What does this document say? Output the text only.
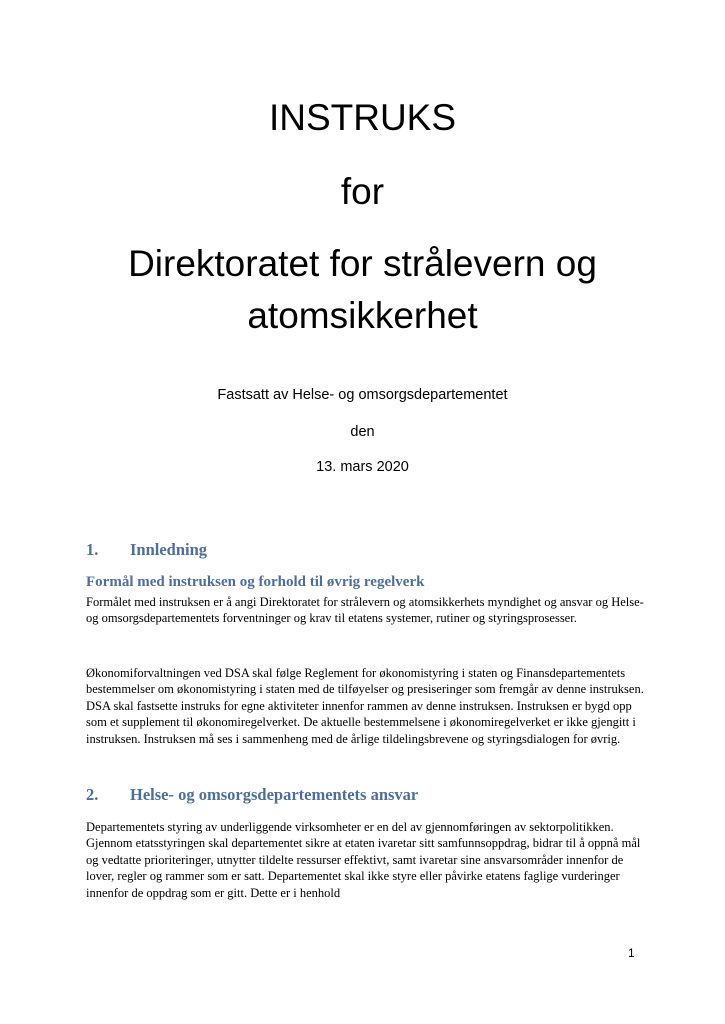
INSTRUKS
for
Direktoratet for strålevern og atomsikkerhet
Fastsatt av Helse- og omsorgsdepartementet
den
13. mars 2020
1. Innledning
Formål med instruksen og forhold til øvrig regelverk

Formålet med instruksen er å angi Direktoratet for strålevern og atomsikkerhets myndighet og ansvar og Helse- og omsorgsdepartementets forventninger og krav til etatens systemer, rutiner og styringsprosesser.

Økonomiforvaltningen ved DSA skal følge Reglement for økonomistyring i staten og Finansdepartementets bestemmelser om økonomistyring i staten med de tilføyelser og presiseringer som fremgår av denne instruksen. DSA skal fastsette instruks for egne aktiviteter innenfor rammen av denne instruksen. Instruksen er bygd opp som et supplement til økonomiregelverket. De aktuelle bestemmelsene i økonomiregelverket er ikke gjengitt i instruksen. Instruksen må ses i sammenheng med de årlige tildelingsbrevene og styringsdialogen for øvrig.

2. Helse- og omsorgsdepartementets ansvar

Departementets styring av underliggende virksomheter er en del av gjennomføringen av sektorpolitikken. Gjennom etatsstyringen skal departementet sikre at etaten ivaretar sitt samfunnsoppdrag, bidrar til å oppnå mål og vedtatte prioriteringer, utnytter tildelte ressurser effektivt, samt ivaretar sine ansvarsområder innenfor de lover, regler og rammer som er satt. Departementet skal ikke styre eller påvirke etatens faglige vurderinger innenfor de oppdrag som er gitt. Dette er i henhold

1
